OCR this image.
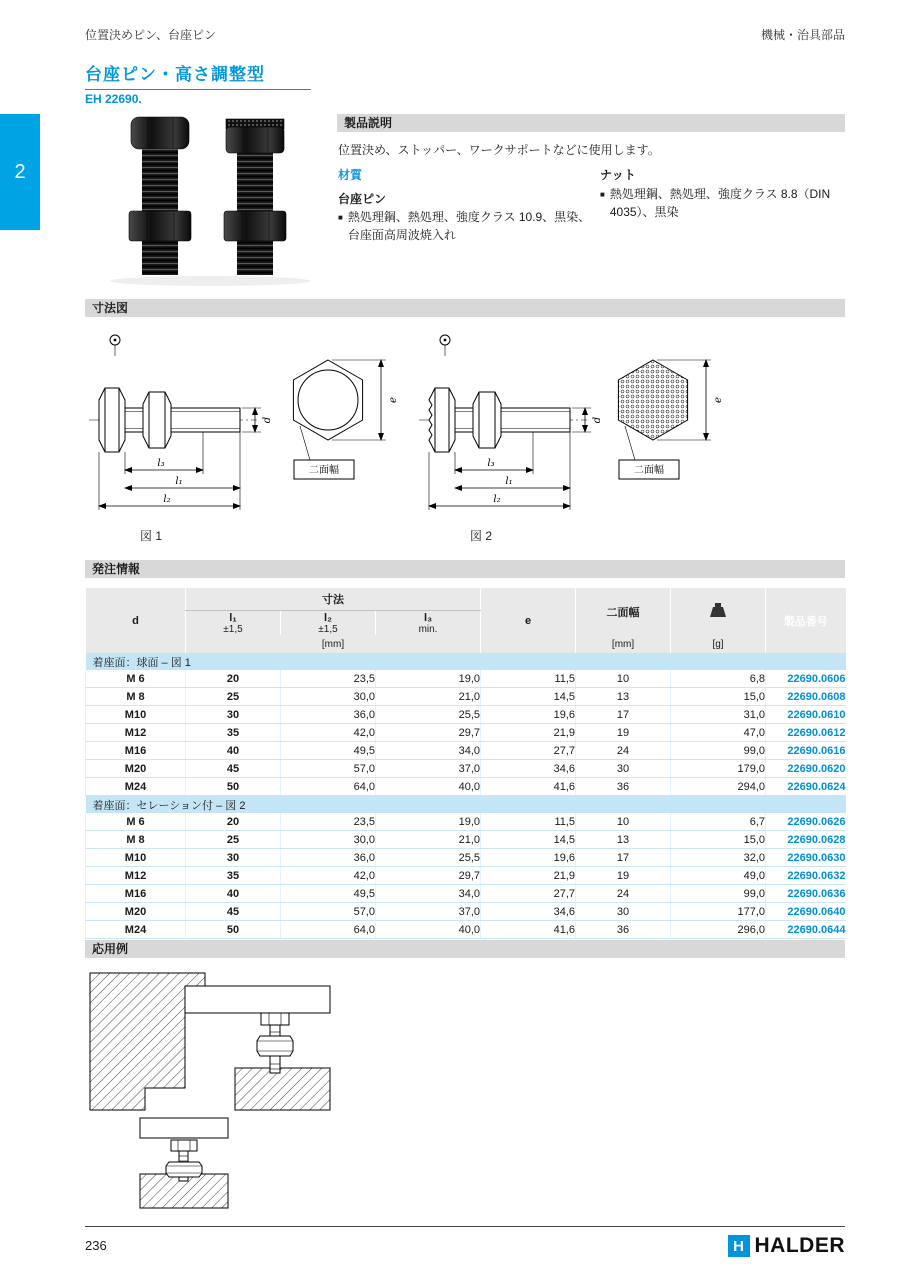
位置決めピン、台座ピン	機械・治具部品
台座ピン・高さ調整型
EH 22690.
2
製品説明
位置決め、ストッパー、ワークサポートなどに使用します。
材質
台座ピン
■ 熱処理鋼、熱処理、強度クラス 10.9、黒染、台座面高周波焼入れ
ナット
■ 熱処理鋼、熱処理、強度クラス 8.8（DIN 4035）、黒染
寸法図
d
l₃
l₁
l₂
e
二面幅
d
l₃
l₁
l₂
e
二面幅
図 1	図 2
発注情報
d	寸法			e	二面幅		製品番号

l₁
±1,5

l₂
±1,5

l₃
min.

	[mm]				[mm]	[g]	
着座面：球面 – 図 1							
M 6	20	23,5	19,0	11,5	10	6,8	22690.0606
M 8	25	30,0	21,0	14,5	13	15,0	22690.0608
M10	30	36,0	25,5	19,6	17	31,0	22690.0610
M12	35	42,0	29,7	21,9	19	47,0	22690.0612
M16	40	49,5	34,0	27,7	24	99,0	22690.0616
M20	45	57,0	37,0	34,6	30	179,0	22690.0620
M24	50	64,0	40,0	41,6	36	294,0	22690.0624
着座面：セレーション付 – 図 2							
M 6	20	23,5	19,0	11,5	10	6,7	22690.0626
M 8	25	30,0	21,0	14,5	13	15,0	22690.0628
M10	30	36,0	25,5	19,6	17	32,0	22690.0630
M12	35	42,0	29,7	21,9	19	49,0	22690.0632
M16	40	49,5	34,0	27,7	24	99,0	22690.0636
M20	45	57,0	37,0	34,6	30	177,0	22690.0640
M24	50	64,0	40,0	41,6	36	296,0	22690.0644
応用例
236	H HALDER
